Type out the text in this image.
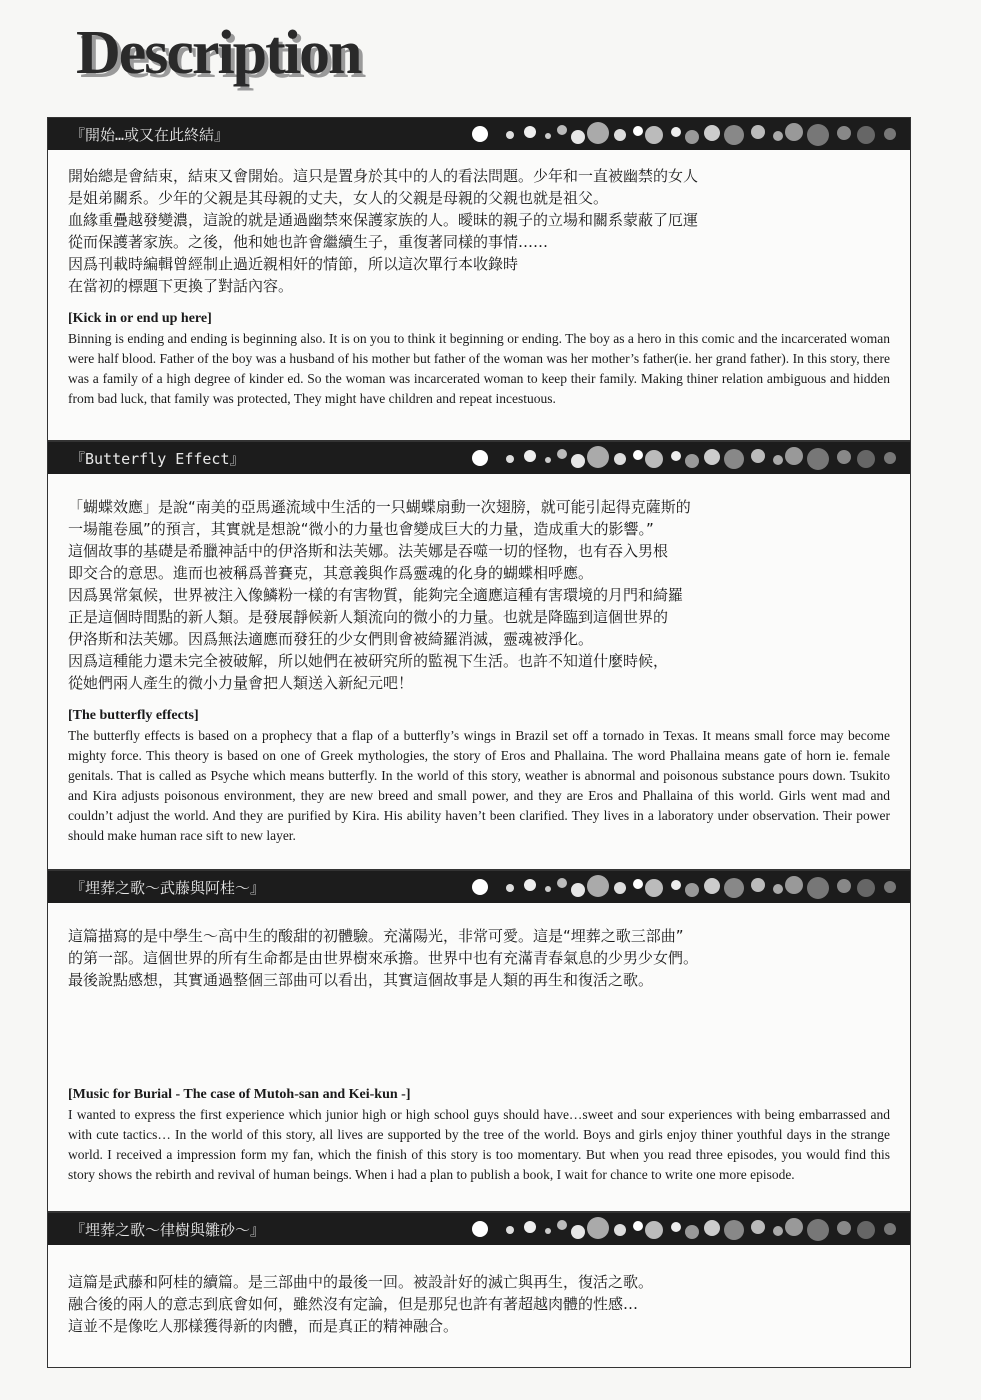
Description
『開始…或又在此終結』
開始總是會結束，結束又會開始。這只是置身於其中的人的看法問題。少年和一直被幽禁的女人
是姐弟關系。少年的父親是其母親的丈夫，女人的父親是母親的父親也就是祖父。
血緣重疊越發變濃，這說的就是通過幽禁來保護家族的人。曖昧的親子的立場和關系蒙蔽了厄運
從而保護著家族。之後，他和她也許會繼續生子，重復著同樣的事情……
因爲刊載時編輯曾經制止過近親相奸的情節，所以這次單行本收錄時
在當初的標題下更換了對話內容。

[Kick in or end up here]

Binning is ending and ending is beginning also. It is on you to think it beginning or ending. The boy as a hero in this comic and the incarcerated woman were half blood. Father of the boy was a husband of his mother but father of the woman was her mother’s father(ie. her grand father). In this story, there was a family of a high degree of kinder ed. So the woman was incarcerated woman to keep their family. Making thiner relation ambiguous and hidden from bad luck, that family was protected, They might have children and repeat incestuous.

『Butterfly Effect』
「蝴蝶效應」是說“南美的亞馬遜流域中生活的一只蝴蝶扇動一次翅膀，就可能引起得克薩斯的
一場龍卷風”的預言，其實就是想說“微小的力量也會變成巨大的力量，造成重大的影響。”
這個故事的基礎是希臘神話中的伊洛斯和法芙娜。法芙娜是吞噬一切的怪物，也有吞入男根
即交合的意思。進而也被稱爲普賽克，其意義與作爲靈魂的化身的蝴蝶相呼應。
因爲異常氣候，世界被注入像鱗粉一樣的有害物質，能夠完全適應這種有害環境的月門和綺羅
正是這個時間點的新人類。是發展靜候新人類流向的微小的力量。也就是降臨到這個世界的
伊洛斯和法芙娜。因爲無法適應而發狂的少女們則會被綺羅消滅，靈魂被淨化。
因爲這種能力還未完全被破解，所以她們在被研究所的監視下生活。也許不知道什麼時候，
從她們兩人產生的微小力量會把人類送入新紀元吧！

[The butterfly effects]

The butterfly effects is based on a prophecy that a flap of a butterfly’s wings in Brazil set off a tornado in Texas. It means small force may become mighty force. This theory is based on one of Greek mythologies, the story of Eros and Phallaina. The word Phallaina means gate of horn ie. female genitals. That is called as Psyche which means butterfly. In the world of this story, weather is abnormal and poisonous substance pours down. Tsukito and Kira adjusts poisonous environment, they are new breed and small power, and they are Eros and Phallaina of this world. Girls went mad and couldn’t adjust the world. And they are purified by Kira. His ability haven’t been clarified. They lives in a laboratory under observation. Their power should make human race sift to new layer.

『埋葬之歌～武藤與阿桂～』
這篇描寫的是中學生～高中生的酸甜的初體驗。充滿陽光，非常可愛。這是“埋葬之歌三部曲”
的第一部。這個世界的所有生命都是由世界樹來承擔。世界中也有充滿青春氣息的少男少女們。
最後說點感想，其實通過整個三部曲可以看出，其實這個故事是人類的再生和復活之歌。

[Music for Burial - The case of Mutoh-san and Kei-kun -]

I wanted to express the first experience which junior high or high school guys should have…sweet and sour experiences with being embarrassed and with cute tactics… In the world of this story, all lives are supported by the tree of the world. Boys and girls enjoy thiner youthful days in the strange world. I received a impression form my fan, which the finish of this story is too momentary. But when you read three episodes, you would find this story shows the rebirth and revival of human beings. When i had a plan to publish a book, I wait for chance to write one more episode.

『埋葬之歌～律樹與雛砂～』
這篇是武藤和阿桂的續篇。是三部曲中的最後一回。被設計好的滅亡與再生，復活之歌。
融合後的兩人的意志到底會如何，雖然沒有定論，但是那兒也許有著超越肉體的性感…
這並不是像吃人那樣獲得新的肉體，而是真正的精神融合。
